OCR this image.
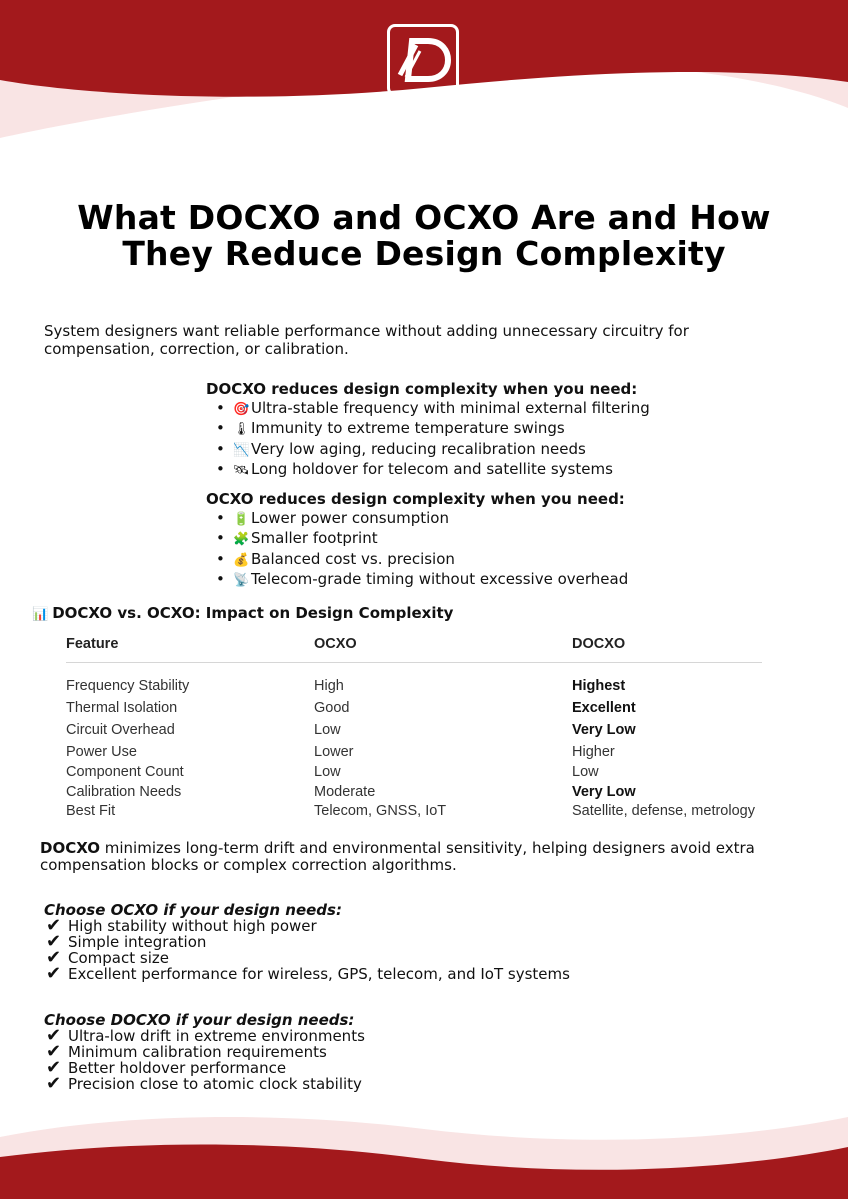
What DOCXO and OCXO Are and How They Reduce Design Complexity

System designers want reliable performance without adding unnecessary circuitry for compensation, correction, or calibration.

DOCXO reduces design complexity when you need:
• 🎯 Ultra-stable frequency with minimal external filtering
• 🌡Immunity to extreme temperature swings
• 📉 Very low aging, reducing recalibration needs
• 🛰Long holdover for telecom and satellite systems
OCXO reduces design complexity when you need:
• 🔋 Lower power consumption
• 🧩 Smaller footprint
• 💰 Balanced cost vs. precision
• 📡 Telecom-grade timing without excessive overhead
📊 DOCXO vs. OCXO: Impact on Design Complexity
Feature	OCXO	DOCXO
Frequency Stability	High	Highest
Thermal Isolation	Good	Excellent
Circuit Overhead	Low	Very Low
Power Use	Lower	Higher
Component Count	Low	Low
Calibration Needs	Moderate	Very Low
Best Fit	Telecom, GNSS, IoT	Satellite, defense, metrology

DOCXO minimizes long-term drift and environmental sensitivity, helping designers avoid extra compensation blocks or complex correction algorithms.

Choose OCXO if your design needs:
✔ High stability without high power
✔ Simple integration
✔ Compact size
✔ Excellent performance for wireless, GPS, telecom, and IoT systems
Choose DOCXO if your design needs:
✔ Ultra-low drift in extreme environments
✔ Minimum calibration requirements
✔ Better holdover performance
✔ Precision close to atomic clock stability
